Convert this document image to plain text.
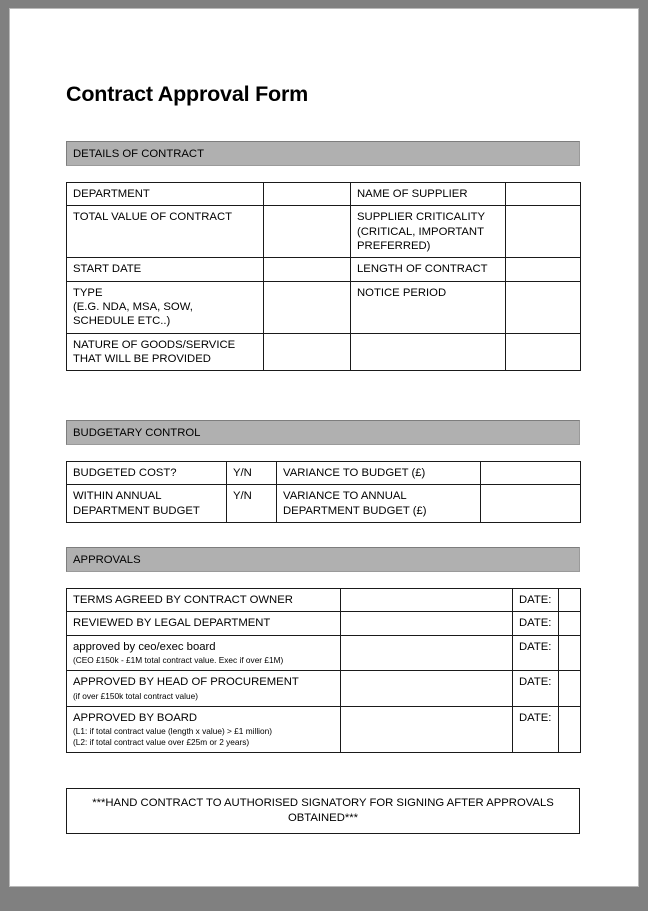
Contract Approval Form
DETAILS OF CONTRACT
DEPARTMENT		NAME OF SUPPLIER	

TOTAL VALUE OF CONTRACT		SUPPLIER CRITICALITY
(CRITICAL, IMPORTANT
PREFERRED)	

START DATE		LENGTH OF CONTRACT	

TYPE
(E.G. NDA, MSA, SOW,
SCHEDULE ETC..)		NOTICE PERIOD	

NATURE OF GOODS/SERVICE
THAT WILL BE PROVIDED			

BUDGETARY CONTROL
BUDGETED COST?	Y/N	VARIANCE TO BUDGET (£)	

WITHIN ANNUAL
DEPARTMENT BUDGET	Y/N	VARIANCE TO ANNUAL
DEPARTMENT BUDGET (£)	

APPROVALS
TERMS AGREED BY CONTRACT OWNER		DATE:	

REVIEWED BY LEGAL DEPARTMENT		DATE:	

approved by ceo/exec board
(CEO £150k - £1M total contract value. Exec if over £1M)		DATE:	

APPROVED BY HEAD OF PROCUREMENT
(if over £150k total contract value)		DATE:	

APPROVED BY BOARD
(L1: if total contract value (length x value) > £1 million)
(L2: if total contract value over £25m or 2 years)		DATE:	
***HAND CONTRACT TO AUTHORISED SIGNATORY FOR SIGNING AFTER APPROVALS OBTAINED***
